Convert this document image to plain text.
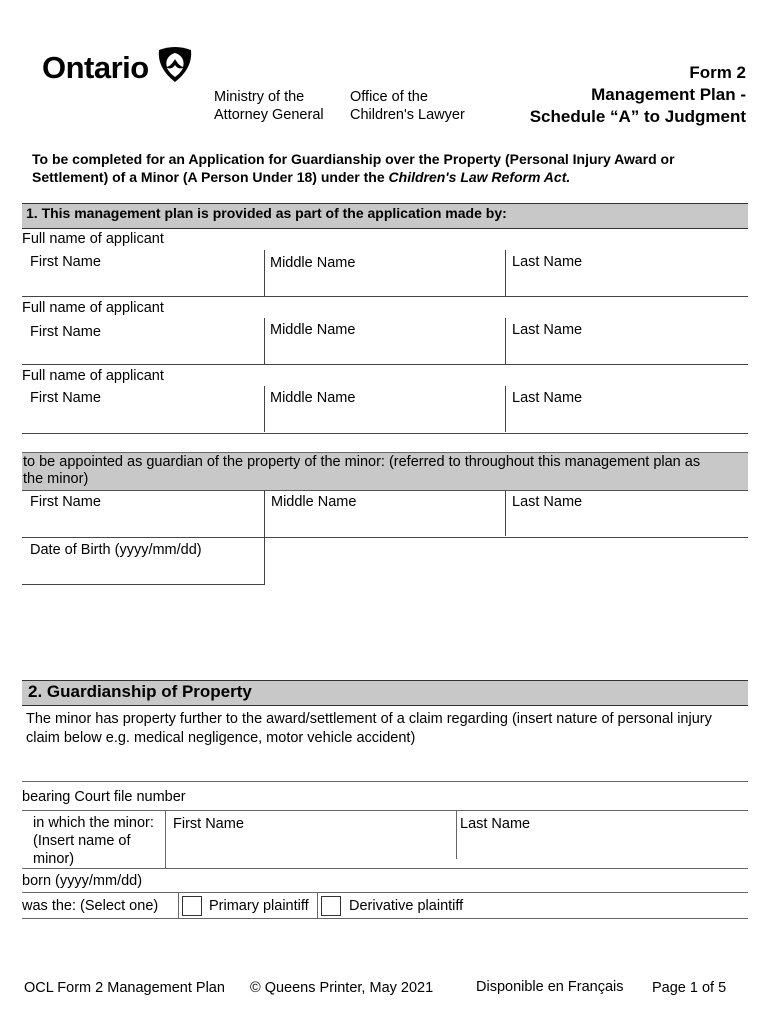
Ontario
Ministry of the
Attorney General
Office of the
Children's Lawyer
Form 2
Management Plan -
Schedule “A” to Judgment
To be completed for an Application for Guardianship over the Property (Personal Injury Award or
Settlement) of a Minor (A Person Under 18) under the Children's Law Reform Act.
1. This management plan is provided as part of the application made by:
Full name of applicant
First Name	Middle Name	Last Name
Full name of applicant
First Name	Middle Name	Last Name
Full name of applicant
First Name	Middle Name	Last Name
to be appointed as guardian of the property of the minor: (referred to throughout this management plan as
the minor)
First Name	Middle Name	Last Name
Date of Birth (yyyy/mm/dd)
2. Guardianship of Property
The minor has property further to the award/settlement of a claim regarding (insert nature of personal injury
claim below e.g. medical negligence, motor vehicle accident)
bearing Court file number
in which the minor:
(Insert name of
minor)
First Name	Last Name
born (yyyy/mm/dd)
was the: (Select one)	Primary plaintiff	Derivative plaintiff
OCL Form 2 Management Plan © Queens Printer, May 2021	Disponible en Français Page 1 of 5
